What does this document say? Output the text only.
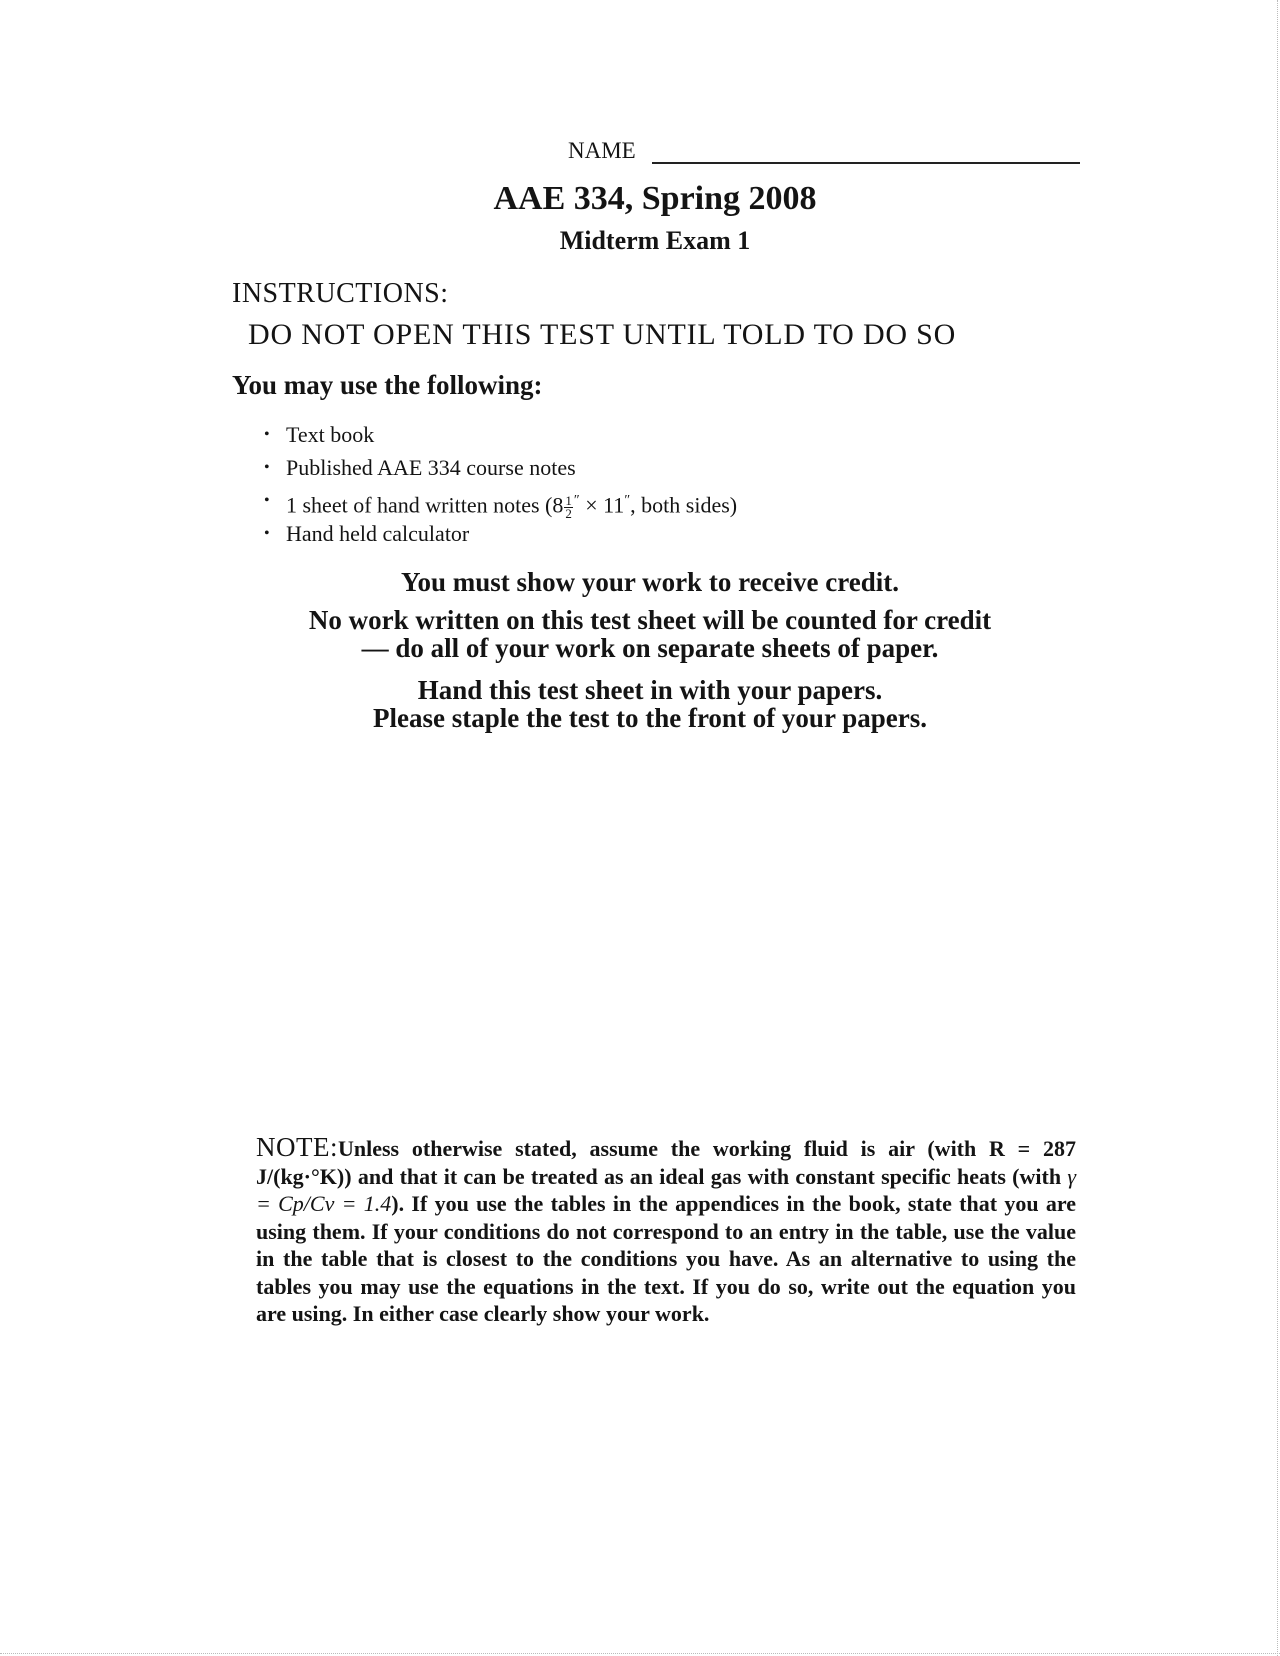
NAME
AAE 334, Spring 2008
Midterm Exam 1
INSTRUCTIONS:
DO NOT OPEN THIS TEST UNTIL TOLD TO DO SO
You may use the following:
• Text book
• Published AAE 334 course notes
• 1 sheet of hand written notes ($8 \frac{1}{2} '' \times 11''$, both sides)
• Hand held calculator
You must show your work to receive credit.
No work written on this test sheet will be counted for credit
— do all of your work on separate sheets of paper.
Hand this test sheet in with your papers.
Please staple the test to the front of your papers.
NOTE:Unless otherwise stated, assume the working fluid is air (with R = 287 J/(kg·°K)) and that it can be treated as an ideal gas with constant specific heats (with γ = Cp/Cv = 1.4). If you use the tables in the appendices in the book, state that you are using them. If your conditions do not correspond to an entry in the table, use the value in the table that is closest to the conditions you have. As an alternative to using the tables you may use the equations in the text. If you do so, write out the equation you are using. In either case clearly show your work.
